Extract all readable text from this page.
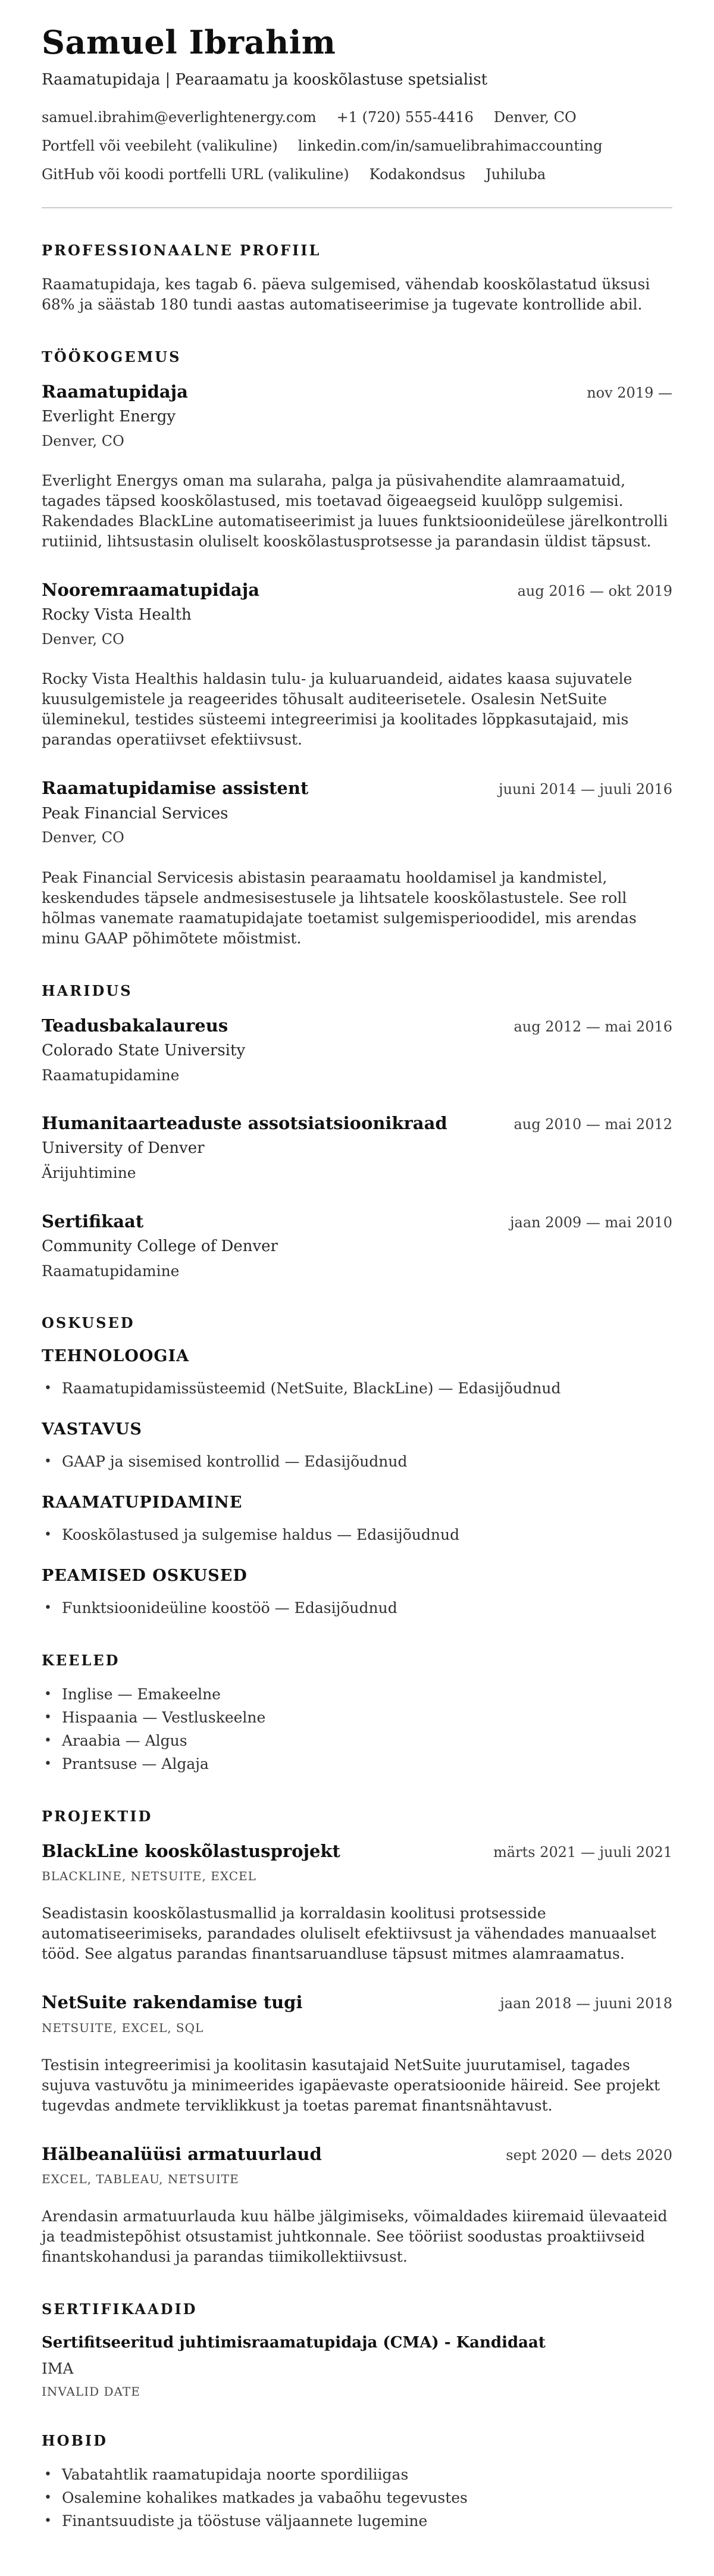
Samuel Ibrahim
Raamatupidaja | Pearaamatu ja kooskõlastuse spetsialist
samuel.ibrahim@everlightenergy.com +1 (720) 555-4416 Denver, CO
Portfell või veebileht (valikuline) linkedin.com/in/samuelibrahimaccounting
GitHub või koodi portfelli URL (valikuline) Kodakondsus Juhiluba
PROFESSIONAALNE PROFIIL

Raamatupidaja, kes tagab 6. päeva sulgemised, vähendab kooskõlastatud üksusi 68% ja säästab 180 tundi aastas automatiseerimise ja tugevate kontrollide abil.

TÖÖKOGEMUS
Raamatupidaja	nov 2019 —
Everlight Energy
Denver, CO

Everlight Energys oman ma sularaha, palga ja püsivahendite alamraamatuid, tagades täpsed kooskõlastused, mis toetavad õigeaegseid kuulõpp sulgemisi. Rakendades BlackLine automatiseerimist ja luues funktsioonideülese järelkontrolli rutiinid, lihtsustasin oluliselt kooskõlastusprotsesse ja parandasin üldist täpsust.

Nooremraamatupidaja	aug 2016 — okt 2019
Rocky Vista Health
Denver, CO

Rocky Vista Healthis haldasin tulu- ja kuluaruandeid, aidates kaasa sujuvatele kuusulgemistele ja reageerides tõhusalt auditeerisetele. Osalesin NetSuite üleminekul, testides süsteemi integreerimisi ja koolitades lõppkasutajaid, mis parandas operatiivset efektiivsust.

Raamatupidamise assistent	juuni 2014 — juuli 2016
Peak Financial Services
Denver, CO

Peak Financial Servicesis abistasin pearaamatu hooldamisel ja kandmistel, keskendudes täpsele andmesisestusele ja lihtsatele kooskõlastustele. See roll hõlmas vanemate raamatupidajate toetamist sulgemisperioodidel, mis arendas minu GAAP põhimõtete mõistmist.

HARIDUS
Teadusbakalaureus	aug 2012 — mai 2016
Colorado State University
Raamatupidamine
Humanitaarteaduste assotsiatsioonikraad	aug 2010 — mai 2012
University of Denver
Ärijuhtimine
Sertifikaat	jaan 2009 — mai 2010
Community College of Denver
Raamatupidamine
OSKUSED
TEHNOLOOGIA
• Raamatupidamissüsteemid (NetSuite, BlackLine) — Edasijõudnud
VASTAVUS
• GAAP ja sisemised kontrollid — Edasijõudnud
RAAMATUPIDAMINE
• Kooskõlastused ja sulgemise haldus — Edasijõudnud
PEAMISED OSKUSED
• Funktsioonideüline koostöö — Edasijõudnud
KEELED
• Inglise — Emakeelne
• Hispaania — Vestluskeelne
• Araabia — Algus
• Prantsuse — Algaja
PROJEKTID
BlackLine kooskõlastusprojekt	märts 2021 — juuli 2021
BLACKLINE, NETSUITE, EXCEL

Seadistasin kooskõlastusmallid ja korraldasin koolitusi protsesside automatiseerimiseks, parandades oluliselt efektiivsust ja vähendades manuaalset tööd. See algatus parandas finantsaruandluse täpsust mitmes alamraamatus.

NetSuite rakendamise tugi	jaan 2018 — juuni 2018
NETSUITE, EXCEL, SQL

Testisin integreerimisi ja koolitasin kasutajaid NetSuite juurutamisel, tagades sujuva vastuvõtu ja minimeerides igapäevaste operatsioonide häireid. See projekt tugevdas andmete terviklikkust ja toetas paremat finantsnähtavust.

Hälbeanalüüsi armatuurlaud	sept 2020 — dets 2020
EXCEL, TABLEAU, NETSUITE

Arendasin armatuurlauda kuu hälbe jälgimiseks, võimaldades kiiremaid ülevaateid ja teadmistepõhist otsustamist juhtkonnale. See tööriist soodustas proaktiivseid finantskohandusi ja parandas tiimikollektiivsust.

SERTIFIKAADID
Sertifitseeritud juhtimisraamatupidaja (CMA) - Kandidaat
IMA
INVALID DATE
HOBID
• Vabatahtlik raamatupidaja noorte spordiliigas
• Osalemine kohalikes matkades ja vabaõhu tegevustes
• Finantsuudiste ja tööstuse väljaannete lugemine
